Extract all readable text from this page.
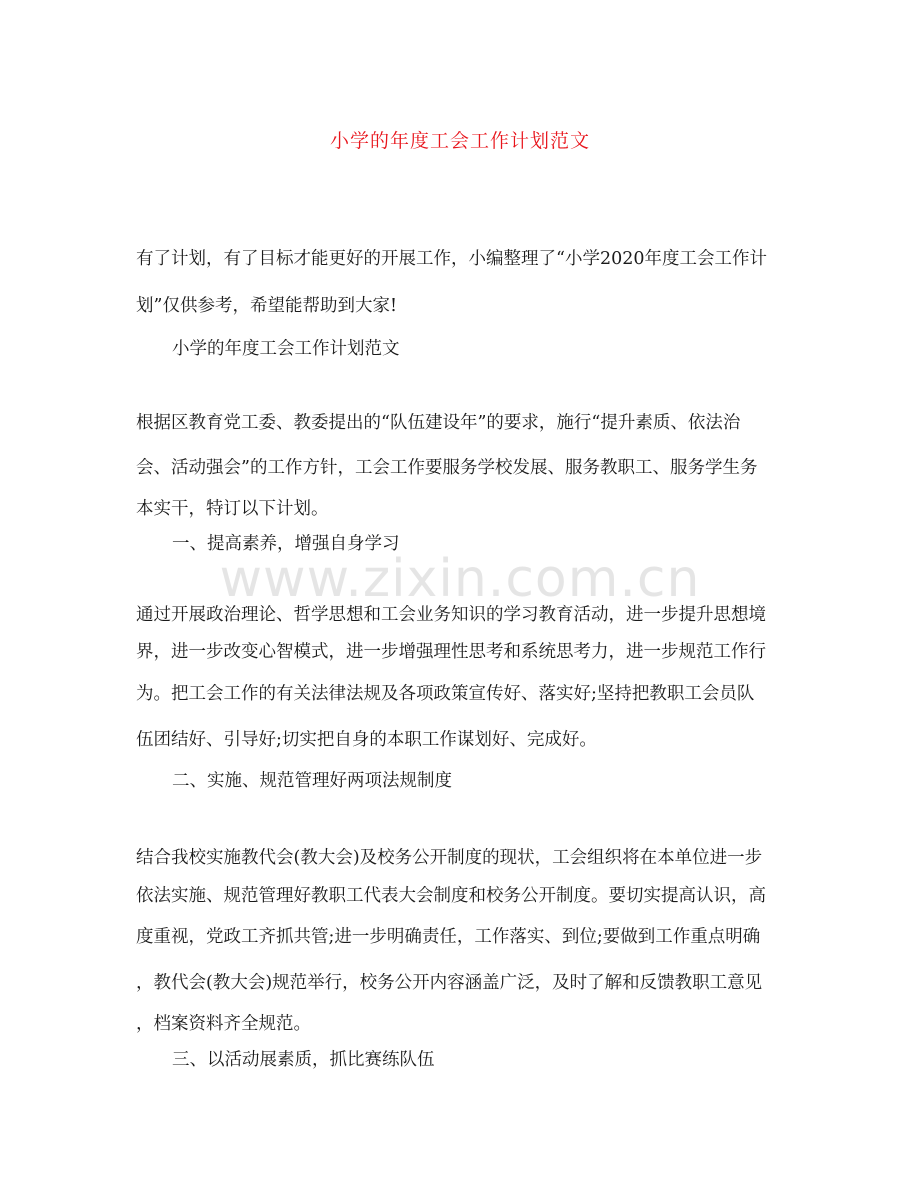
小学的年度工会工作计划范文
www.zixin.com.cn
有了计划，有了目标才能更好的开展工作，小编整理了“小学2020年度工会工作计
划”仅供参考，希望能帮助到大家!
小学的年度工会工作计划范文
根据区教育党工委、教委提出的“队伍建设年”的要求，施行“提升素质、依法治
会、活动强会”的工作方针，工会工作要服务学校发展、服务教职工、服务学生务
本实干，特订以下计划。
一、提高素养，增强自身学习
通过开展政治理论、哲学思想和工会业务知识的学习教育活动，进一步提升思想境
界，进一步改变心智模式，进一步增强理性思考和系统思考力，进一步规范工作行
为。把工会工作的有关法律法规及各项政策宣传好、落实好;坚持把教职工会员队
伍团结好、引导好;切实把自身的本职工作谋划好、完成好。
二、实施、规范管理好两项法规制度
结合我校实施教代会(教大会)及校务公开制度的现状，工会组织将在本单位进一步
依法实施、规范管理好教职工代表大会制度和校务公开制度。要切实提高认识，高
度重视，党政工齐抓共管;进一步明确责任，工作落实、到位;要做到工作重点明确
，教代会(教大会)规范举行，校务公开内容涵盖广泛，及时了解和反馈教职工意见
，档案资料齐全规范。
三、以活动展素质，抓比赛练队伍
